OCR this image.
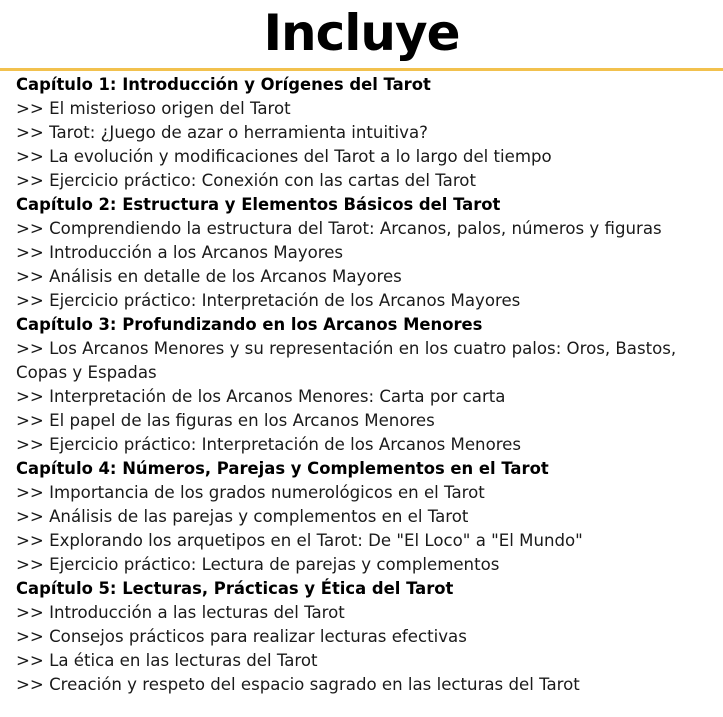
Incluye
Capítulo 1: Introducción y Orígenes del Tarot
>> El misterioso origen del Tarot
>> Tarot: ¿Juego de azar o herramienta intuitiva?
>> La evolución y modificaciones del Tarot a lo largo del tiempo
>> Ejercicio práctico: Conexión con las cartas del Tarot
Capítulo 2: Estructura y Elementos Básicos del Tarot
>> Comprendiendo la estructura del Tarot: Arcanos, palos, números y figuras
>> Introducción a los Arcanos Mayores
>> Análisis en detalle de los Arcanos Mayores
>> Ejercicio práctico: Interpretación de los Arcanos Mayores
Capítulo 3: Profundizando en los Arcanos Menores
>> Los Arcanos Menores y su representación en los cuatro palos: Oros, Bastos, Copas y Espadas
>> Interpretación de los Arcanos Menores: Carta por carta
>> El papel de las figuras en los Arcanos Menores
>> Ejercicio práctico: Interpretación de los Arcanos Menores
Capítulo 4: Números, Parejas y Complementos en el Tarot
>> Importancia de los grados numerológicos en el Tarot
>> Análisis de las parejas y complementos en el Tarot
>> Explorando los arquetipos en el Tarot: De "El Loco" a "El Mundo"
>> Ejercicio práctico: Lectura de parejas y complementos
Capítulo 5: Lecturas, Prácticas y Ética del Tarot
>> Introducción a las lecturas del Tarot
>> Consejos prácticos para realizar lecturas efectivas
>> La ética en las lecturas del Tarot
>> Creación y respeto del espacio sagrado en las lecturas del Tarot
